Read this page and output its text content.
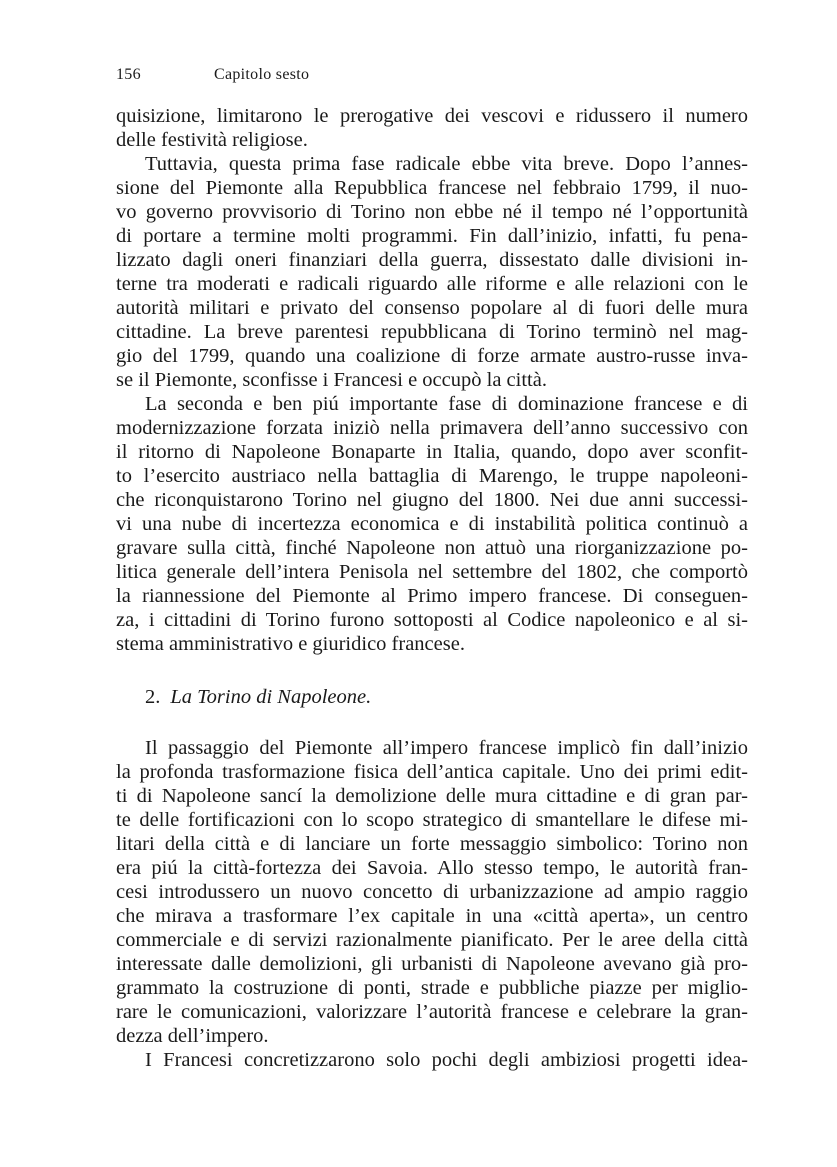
156	Capitolo sesto
quisizione, limitarono le prerogative dei vescovi e ridussero il numero
delle festività religiose.
Tuttavia, questa prima fase radicale ebbe vita breve. Dopo l’annes-
sione del Piemonte alla Repubblica francese nel febbraio 1799, il nuo-
vo governo provvisorio di Torino non ebbe né il tempo né l’opportunità
di portare a termine molti programmi. Fin dall’inizio, infatti, fu pena-
lizzato dagli oneri finanziari della guerra, dissestato dalle divisioni in-
terne tra moderati e radicali riguardo alle riforme e alle relazioni con le
autorità militari e privato del consenso popolare al di fuori delle mura
cittadine. La breve parentesi repubblicana di Torino terminò nel mag-
gio del 1799, quando una coalizione di forze armate austro-russe inva-
se il Piemonte, sconfisse i Francesi e occupò la città.
La seconda e ben piú importante fase di dominazione francese e di
modernizzazione forzata iniziò nella primavera dell’anno successivo con
il ritorno di Napoleone Bonaparte in Italia, quando, dopo aver sconfit-
to l’esercito austriaco nella battaglia di Marengo, le truppe napoleoni-
che riconquistarono Torino nel giugno del 1800. Nei due anni successi-
vi una nube di incertezza economica e di instabilità politica continuò a
gravare sulla città, finché Napoleone non attuò una riorganizzazione po-
litica generale dell’intera Penisola nel settembre del 1802, che comportò
la riannessione del Piemonte al Primo impero francese. Di conseguen-
za, i cittadini di Torino furono sottoposti al Codice napoleonico e al si-
stema amministrativo e giuridico francese.
2. La Torino di Napoleone.
Il passaggio del Piemonte all’impero francese implicò fin dall’inizio
la profonda trasformazione fisica dell’antica capitale. Uno dei primi edit-
ti di Napoleone sancí la demolizione delle mura cittadine e di gran par-
te delle fortificazioni con lo scopo strategico di smantellare le difese mi-
litari della città e di lanciare un forte messaggio simbolico: Torino non
era piú la città-fortezza dei Savoia. Allo stesso tempo, le autorità fran-
cesi introdussero un nuovo concetto di urbanizzazione ad ampio raggio
che mirava a trasformare l’ex capitale in una «città aperta», un centro
commerciale e di servizi razionalmente pianificato. Per le aree della città
interessate dalle demolizioni, gli urbanisti di Napoleone avevano già pro-
grammato la costruzione di ponti, strade e pubbliche piazze per miglio-
rare le comunicazioni, valorizzare l’autorità francese e celebrare la gran-
dezza dell’impero.
I Francesi concretizzarono solo pochi degli ambiziosi progetti idea-
